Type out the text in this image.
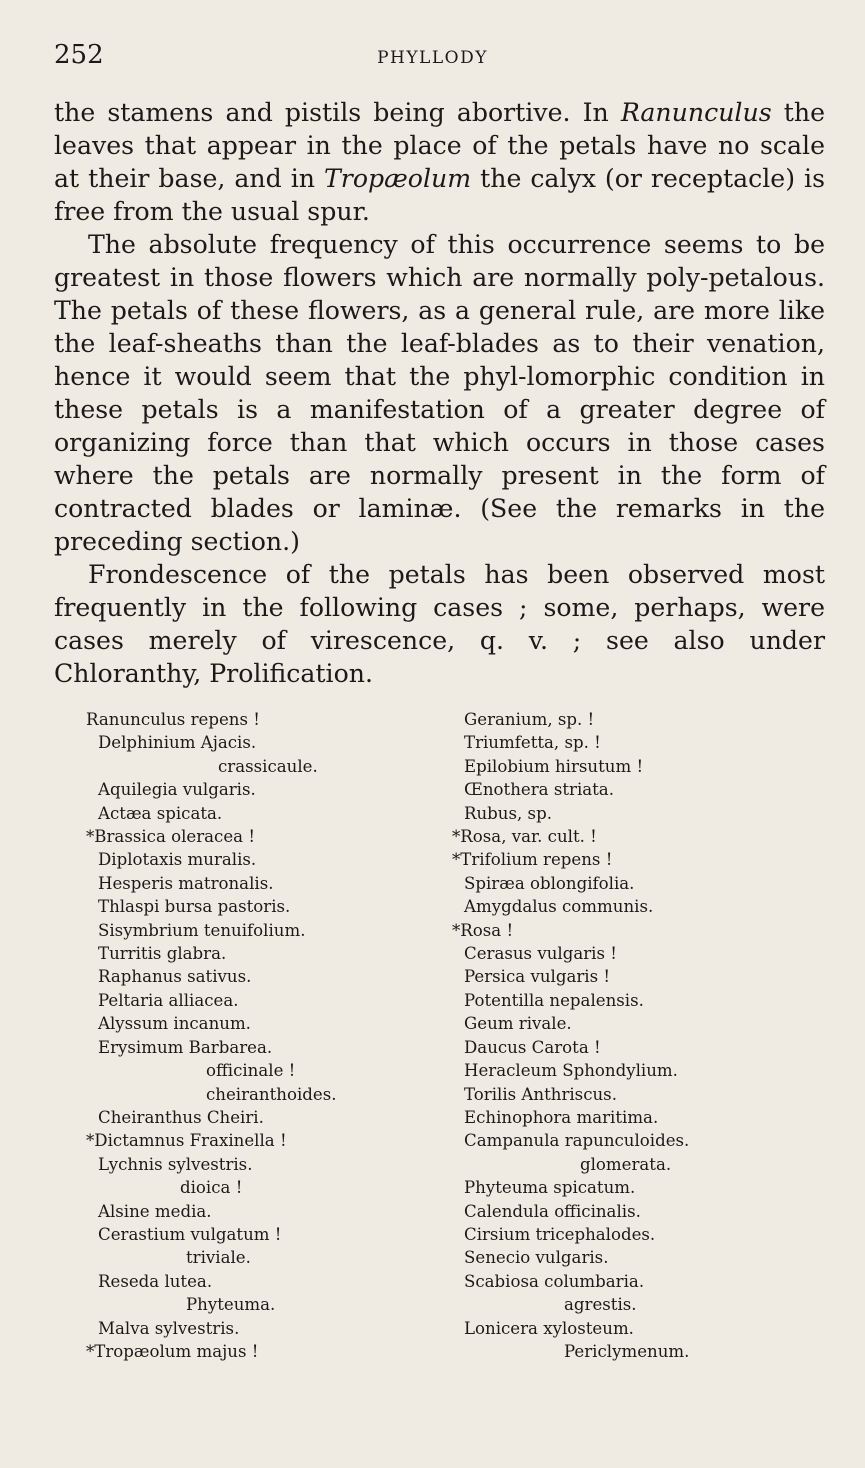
252	PHYLLODY

the stamens and pistils being abortive. In Ranunculus the leaves that appear in the place of the petals have no scale at their base, and in Tropæolum the calyx (or receptacle) is free from the usual spur.

The absolute frequency of this occurrence seems to be greatest in those flowers which are normally poly-petalous. The petals of these flowers, as a general rule, are more like the leaf-sheaths than the leaf-blades as to their venation, hence it would seem that the phyl-lomorphic condition in these petals is a manifestation of a greater degree of organizing force than that which occurs in those cases where the petals are normally present in the form of contracted blades or laminæ. (See the remarks in the preceding section.)

Frondescence of the petals has been observed most frequently in the following cases ; some, perhaps, were cases merely of virescence, q. v. ; see also under Chloranthy, Prolification.

Ranunculus repens !
Delphinium Ajacis.
crassicaule.
Aquilegia vulgaris.
Actæa spicata.
*Brassica oleracea !
Diplotaxis muralis.
Hesperis matronalis.
Thlaspi bursa pastoris.
Sisymbrium tenuifolium.
Turritis glabra.
Raphanus sativus.
Peltaria alliacea.
Alyssum incanum.
Erysimum Barbarea.
officinale !
cheiranthoides.
Cheiranthus Cheiri.
*Dictamnus Fraxinella !
Lychnis sylvestris.
dioica !
Alsine media.
Cerastium vulgatum !
triviale.
Reseda lutea.
Phyteuma.
Malva sylvestris.
*Tropæolum majus !
Geranium, sp. !
Triumfetta, sp. !
Epilobium hirsutum !
Œnothera striata.
Rubus, sp.
*Rosa, var. cult. !
*Trifolium repens !
Spiræa oblongifolia.
Amygdalus communis.
*Rosa !
Cerasus vulgaris !
Persica vulgaris !
Potentilla nepalensis.
Geum rivale.
Daucus Carota !
Heracleum Sphondylium.
Torilis Anthriscus.
Echinophora maritima.
Campanula rapunculoides.
glomerata.
Phyteuma spicatum.
Calendula officinalis.
Cirsium tricephalodes.
Senecio vulgaris.
Scabiosa columbaria.
agrestis.
Lonicera xylosteum.
Periclymenum.
